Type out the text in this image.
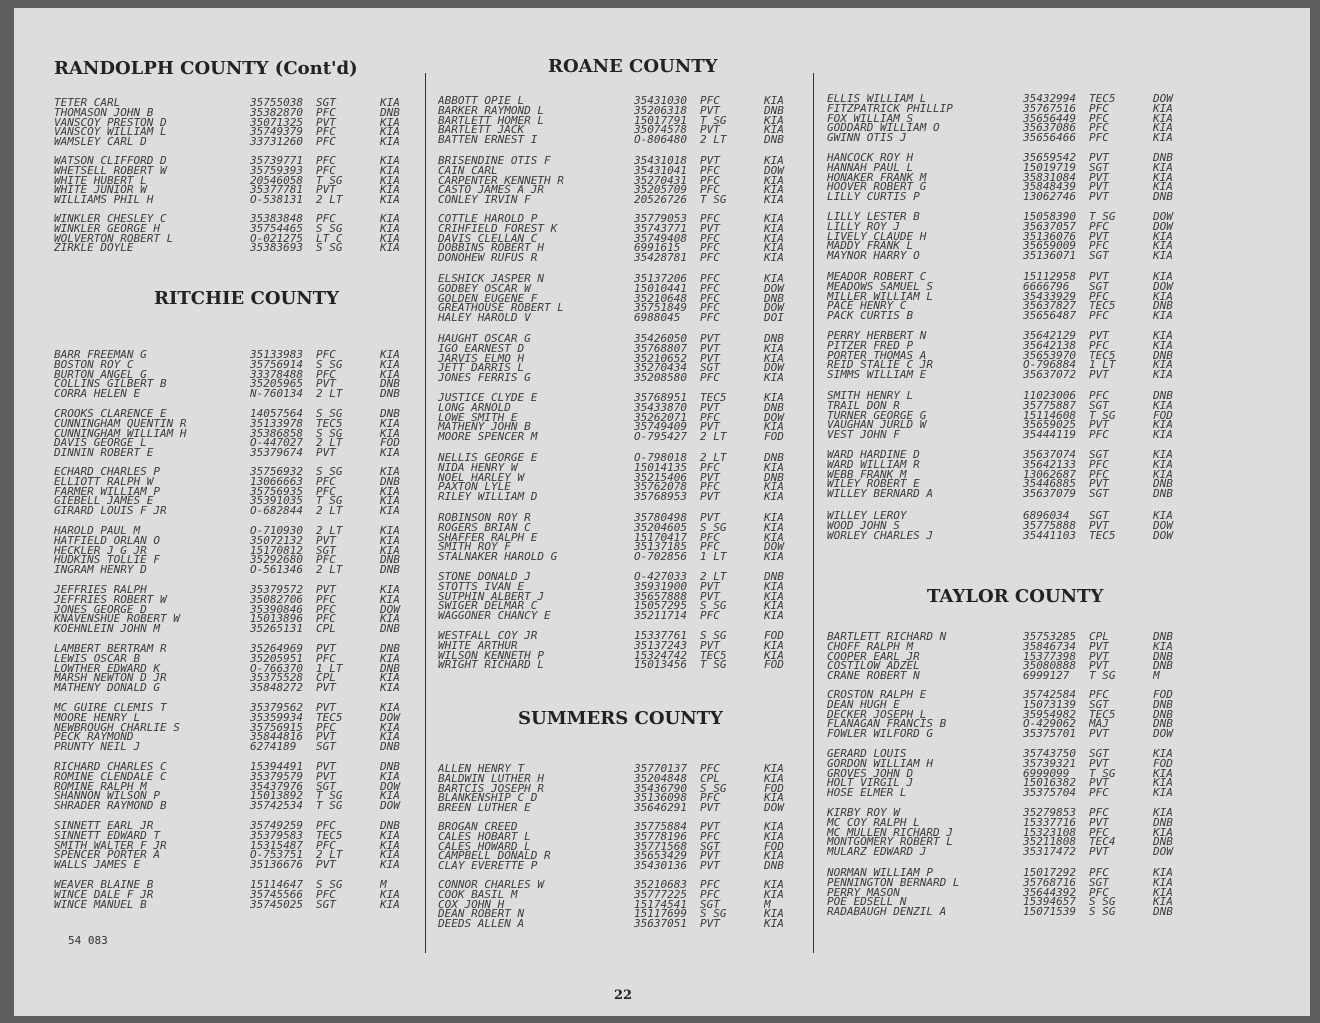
RANDOLPH COUNTY (Cont'd)
TETER CARL	35755038 SGT	KIA
THOMASON JOHN B	35382870 PFC	DNB
VANSCOY PRESTON D	35071325 PVT	KIA
VANSCOY WILLIAM L	35749379 PFC	KIA
WAMSLEY CARL D	33731260 PFC	KIA
WATSON CLIFFORD D	35739771 PFC	KIA
WHETSELL ROBERT W	35759393 PFC	KIA
WHITE HUBERT L	20546058 T SG	KIA
WHITE JUNIOR W	35377781 PVT	KIA
WILLIAMS PHIL H	O-538131 2 LT	KIA
WINKLER CHESLEY C	35383848 PFC	KIA
WINKLER GEORGE H	35754465 S SG	KIA
WOLVERTON ROBERT L	O-021275 LT C	KIA
ZIRKLE DOYLE	35383693 S SG	KIA
RITCHIE COUNTY
BARR FREEMAN G	35133983 PFC	KIA
BOSTON ROY C	35756914 S SG	KIA
BURTON ANGEL G	33378488 PFC	KIA
COLLINS GILBERT B	35205965 PVT	DNB
CORRA HELEN E	N-760134 2 LT	DNB
CROOKS CLARENCE E	14057564 S SG	DNB
CUNNINGHAM QUENTIN R	35133978 TEC5	KIA
CUNNINGHAM WILLIAM H	35386858 S SG	KIA
DAVIS GEORGE L	O-447027 2 LT	FOD
DINNIN ROBERT E	35379674 PVT	KIA
ECHARD CHARLES P	35756932 S SG	KIA
ELLIOTT RALPH W	13066663 PFC	DNB
FARMER WILLIAM P	35756935 PFC	KIA
GIEBELL JAMES E	35391035 T SG	KIA
GIRARD LOUIS F JR	O-682844 2 LT	KIA
HAROLD PAUL M	O-710930 2 LT	KIA
HATFIELD ORLAN O	35072132 PVT	KIA
HECKLER J G JR	15170812 SGT	KIA
HUDKINS TOLLIE F	35292680 PFC	DNB
INGRAM HENRY D	O-561346 2 LT	DNB
JEFFRIES RALPH	35379572 PVT	KIA
JEFFRIES ROBERT W	35082706 PFC	KIA
JONES GEORGE D	35390846 PFC	DOW
KNAVENSHUE ROBERT W	15013896 PFC	KIA
KOEHNLEIN JOHN M	35265131 CPL	DNB
LAMBERT BERTRAM R	35264969 PVT	DNB
LEWIS OSCAR B	35205951 PFC	KIA
LOWTHER EDWARD K	O-766370 1 LT	DNB
MARSH NEWTON D JR	35375528 CPL	KIA
MATHENY DONALD G	35848272 PVT	KIA
MC GUIRE CLEMIS T	35379562 PVT	KIA
MOORE HENRY L	35359934 TEC5	DOW
NEWBROUGH CHARLIE S	35756915 PFC	KIA
PECK RAYMOND	35844816 PVT	KIA
PRUNTY NEIL J	6274189 SGT	DNB
RICHARD CHARLES C	15394491 PVT	DNB
ROMINE CLENDALE C	35379579 PVT	KIA
ROMINE RALPH M	35437976 SGT	DOW
SHANNON WILSON P	15013892 T SG	KIA
SHRADER RAYMOND B	35742534 T SG	DOW
SINNETT EARL JR	35749259 PFC	DNB
SINNETT EDWARD T	35379583 TEC5	KIA
SMITH WALTER F JR	15315487 PFC	KIA
SPENCER PORTER A	O-753751 2 LT	KIA
WALLS JAMES E	35136676 PVT	KIA
WEAVER BLAINE B	15114647 S SG	M
WINCE DALE F JR	35745566 PFC	KIA
WINCE MANUEL B	35745025 SGT	KIA
ROANE COUNTY
ABBOTT OPIE L	35431030 PFC	KIA
BARKER RAYMOND L	35206318 PVT	DNB
BARTLETT HOMER L	15017791 T SG	KIA
BARTLETT JACK	35074578 PVT	KIA
BATTEN ERNEST I	O-806480 2 LT	DNB
BRISENDINE OTIS F	35431018 PVT	KIA
CAIN CARL	35431041 PFC	DOW
CARPENTER KENNETH R	35270431 PFC	KIA
CASTO JAMES A JR	35205709 PFC	KIA
CONLEY IRVIN F	20526726 T SG	KIA
COTTLE HAROLD P	35779053 PFC	KIA
CRIHFIELD FOREST K	35743771 PVT	KIA
DAVIS CLELLAN C	35749408 PFC	KIA
DOBBINS ROBERT H	6991615 PFC	KIA
DONOHEW RUFUS R	35428781 PFC	KIA
ELSHICK JASPER N	35137206 PFC	KIA
GODBEY OSCAR W	15010441 PFC	DOW
GOLDEN EUGENE F	35210648 PFC	DNB
GREATHOUSE ROBERT L	35751849 PFC	DOW
HALEY HAROLD V	6988045 PFC	DOI
HAUGHT OSCAR G	35426050 PVT	DNB
IGO EARNEST D	35768807 PVT	KIA
JARVIS ELMO H	35210652 PVT	KIA
JETT DARRIS L	35270434 SGT	DOW
JONES FERRIS G	35208580 PFC	KIA
JUSTICE CLYDE E	35768951 TEC5	KIA
LONG ARNOLD	35433870 PVT	DNB
LOWE SMITH E	35262071 PFC	DOW
MATHENY JOHN B	35749409 PVT	KIA
MOORE SPENCER M	O-795427 2 LT	FOD
NELLIS GEORGE E	O-798018 2 LT	DNB
NIDA HENRY W	15014135 PFC	KIA
NOEL HARLEY W	35215406 PVT	DNB
PAXTON LYLE	35762078 PFC	KIA
RILEY WILLIAM D	35768953 PVT	KIA
ROBINSON ROY R	35780498 PVT	KIA
ROGERS BRIAN C	35204605 S SG	KIA
SHAFFER RALPH E	15170417 PFC	KIA
SMITH ROY F	35137185 PFC	DOW
STALNAKER HAROLD G	O-702856 1 LT	KIA
STONE DONALD J	O-427033 2 LT	DNB
STOTTS IVAN E	35931900 PVT	KIA
SUTPHIN ALBERT J	35657888 PVT	KIA
SWIGER DELMAR C	15057295 S SG	KIA
WAGGONER CHANCY E	35211714 PFC	KIA
WESTFALL COY JR	15337761 S SG	FOD
WHITE ARTHUR	35137243 PVT	KIA
WILSON KENNETH P	15324742 TEC5	KIA
WRIGHT RICHARD L	15013456 T SG	FOD
SUMMERS COUNTY
ALLEN HENRY T	35770137 PFC	KIA
BALDWIN LUTHER H	35204848 CPL	KIA
BARTCIS JOSEPH R	35436790 S SG	FOD
BLANKENSHIP C D	35136098 PFC	KIA
BREEN LUTHER E	35646291 PVT	DOW
BROGAN CREED	35775884 PVT	KIA
CALES HOBART L	35778196 PFC	KIA
CALES HOWARD L	35771568 SGT	FOD
CAMPBELL DONALD R	35653429 PVT	KIA
CLAY EVERETTE P	35430136 PVT	DNB
CONNOR CHARLES W	35210683 PFC	KIA
COOK BASIL M	35777225 PFC	KIA
COX JOHN H	15174541 SGT	M
DEAN ROBERT N	15117699 S SG	KIA
DEEDS ALLEN A	35637051 PVT	KIA
ELLIS WILLIAM L	35432994 TEC5	DOW
FITZPATRICK PHILLIP	35767516 PFC	KIA
FOX WILLIAM S	35656449 PFC	KIA
GODDARD WILLIAM O	35637086 PFC	KIA
GWINN OTIS J	35656466 PFC	KIA
HANCOCK ROY H	35659542 PVT	DNB
HANNAH PAUL L	15019719 SGT	KIA
HONAKER FRANK M	35831084 PVT	KIA
HOOVER ROBERT G	35848439 PVT	KIA
LILLY CURTIS P	13062746 PVT	DNB
LILLY LESTER B	15058390 T SG	DOW
LILLY ROY J	35637057 PFC	DOW
LIVELY CLAUDE H	35136076 PVT	KIA
MADDY FRANK L	35659009 PFC	KIA
MAYNOR HARRY O	35136071 SGT	KIA
MEADOR ROBERT C	15112958 PVT	KIA
MEADOWS SAMUEL S	6666796 SGT	DOW
MILLER WILLIAM L	35433929 PFC	KIA
PACE HENRY C	35637827 TEC5	DNB
PACK CURTIS B	35656487 PFC	KIA
PERRY HERBERT N	35642129 PVT	KIA
PITZER FRED P	35642138 PFC	KIA
PORTER THOMAS A	35653970 TEC5	DNB
REID STALIE C JR	O-796884 1 LT	KIA
SIMMS WILLIAM E	35637072 PVT	KIA
SMITH HENRY L	11023006 PFC	DNB
TRAIL DON R	35775887 SGT	KIA
TURNER GEORGE G	15114608 T SG	FOD
VAUGHAN JURLD W	35659025 PVT	KIA
VEST JOHN F	35444119 PFC	KIA
WARD HARDINE D	35637074 SGT	KIA
WARD WILLIAM R	35642133 PFC	KIA
WEBB FRANK M	13062687 PFC	KIA
WILEY ROBERT E	35446885 PVT	DNB
WILLEY BERNARD A	35637079 SGT	DNB
WILLEY LEROY	6896034 SGT	KIA
WOOD JOHN S	35775888 PVT	DOW
WORLEY CHARLES J	35441103 TEC5	DOW
TAYLOR COUNTY
BARTLETT RICHARD N	35753285 CPL	DNB
CHOFF RALPH M	35846734 PVT	KIA
COOPER EARL JR	15377398 PVT	DNB
COSTILOW ADZEL	35080888 PVT	DNB
CRANE ROBERT N	6999127 T SG	M
CROSTON RALPH E	35742584 PFC	FOD
DEAN HUGH E	15073139 SGT	DNB
DECKER JOSEPH L	35954982 TEC5	DNB
FLANAGAN FRANCIS B	O-429062 MAJ	DNB
FOWLER WILFORD G	35375701 PVT	DOW
GERARD LOUIS	35743750 SGT	KIA
GORDON WILLIAM H	35739321 PVT	FOD
GROVES JOHN D	6999099 T SG	KIA
HOLT VIRGIL J	15016382 PVT	KIA
HOSE ELMER L	35375704 PFC	KIA
KIRBY ROY W	35279853 PFC	KIA
MC COY RALPH L	15337716 PVT	DNB
MC MULLEN RICHARD J	15323108 PFC	KIA
MONTGOMERY ROBERT L	35211808 TEC4	DNB
MULARZ EDWARD J	35317472 PVT	DOW
NORMAN WILLIAM P	15017292 PFC	KIA
PENNINGTON BERNARD L	35768716 SGT	KIA
PERRY MASON	35644392 PFC	KIA
POE EDSELL N	15394657 S SG	KIA
RADABAUGH DENZIL A	15071539 S SG	DNB
54 083
22
